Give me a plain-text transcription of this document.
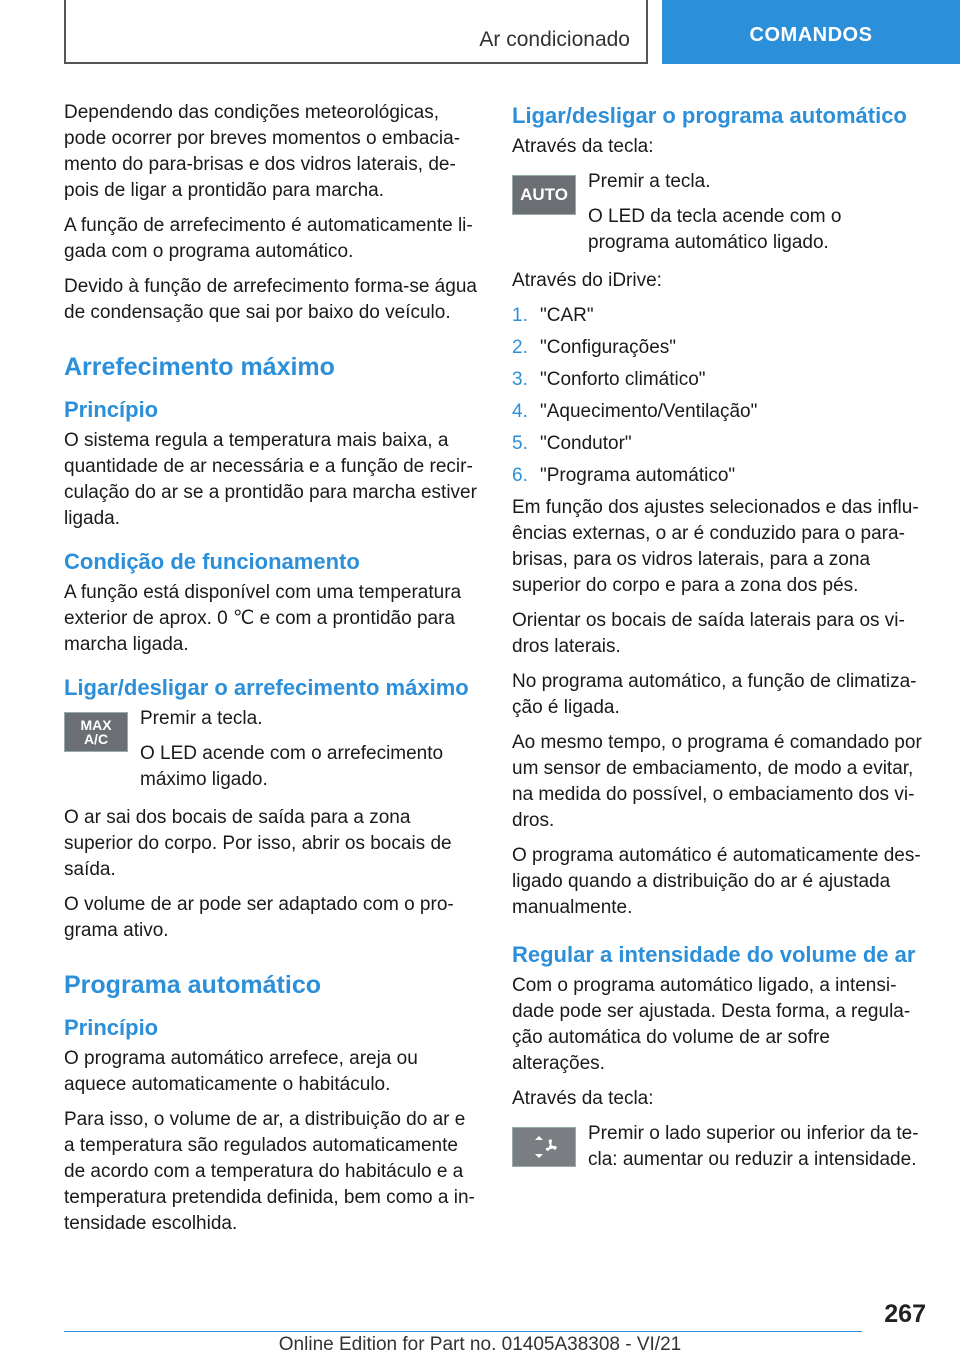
Ar condicionado	COMANDOS

Dependendo das condições meteorológicas, pode ocorrer por breves momentos o embaciamento do para-brisas e dos vidros laterais, depois de ligar a prontidão para marcha.

A função de arrefecimento é automaticamente ligada com o programa automático.

Devido à função de arrefecimento forma-se água de condensação que sai por baixo do veículo.

Arrefecimento máximo
Princípio

O sistema regula a temperatura mais baixa, a quantidade de ar necessária e a função de recirculação do ar se a prontidão para marcha estiver ligada.

Condição de funcionamento

A função está disponível com uma temperatura exterior de aprox. 0 ℃ e com a prontidão para marcha ligada.

Ligar/desligar o arrefecimento máximo
MAX A/C

Premir a tecla.

O LED acende com o arrefecimento máximo ligado.

O ar sai dos bocais de saída para a zona superior do corpo. Por isso, abrir os bocais de saída.

O volume de ar pode ser adaptado com o programa ativo.

Programa automático
Princípio

O programa automático arrefece, areja ou aquece automaticamente o habitáculo.

Para isso, o volume de ar, a distribuição do ar e a temperatura são regulados automaticamente de acordo com a temperatura do habitáculo e a temperatura pretendida definida, bem como a intensidade escolhida.

Ligar/desligar o programa automático

Através da tecla:

AUTO

Premir a tecla.

O LED da tecla acende com o programa automático ligado.

Através do iDrive:

1. "CAR"
2. "Configurações"
3. "Conforto climático"
4. "Aquecimento/Ventilação"
5. "Condutor"
6. "Programa automático"

Em função dos ajustes selecionados e das influências externas, o ar é conduzido para o para-brisas, para os vidros laterais, para a zona superior do corpo e para a zona dos pés.

Orientar os bocais de saída laterais para os vidros laterais.

No programa automático, a função de climatização é ligada.

Ao mesmo tempo, o programa é comandado por um sensor de embaciamento, de modo a evitar, na medida do possível, o embaciamento dos vidros.

O programa automático é automaticamente desligado quando a distribuição do ar é ajustada manualmente.

Regular a intensidade do volume de ar

Com o programa automático ligado, a intensidade pode ser ajustada. Desta forma, a regulação automática do volume de ar sofre alterações.

Através da tecla:

Premir o lado superior ou inferior da tecla: aumentar ou reduzir a intensidade.

267
Online Edition for Part no. 01405A38308 - VI/21
